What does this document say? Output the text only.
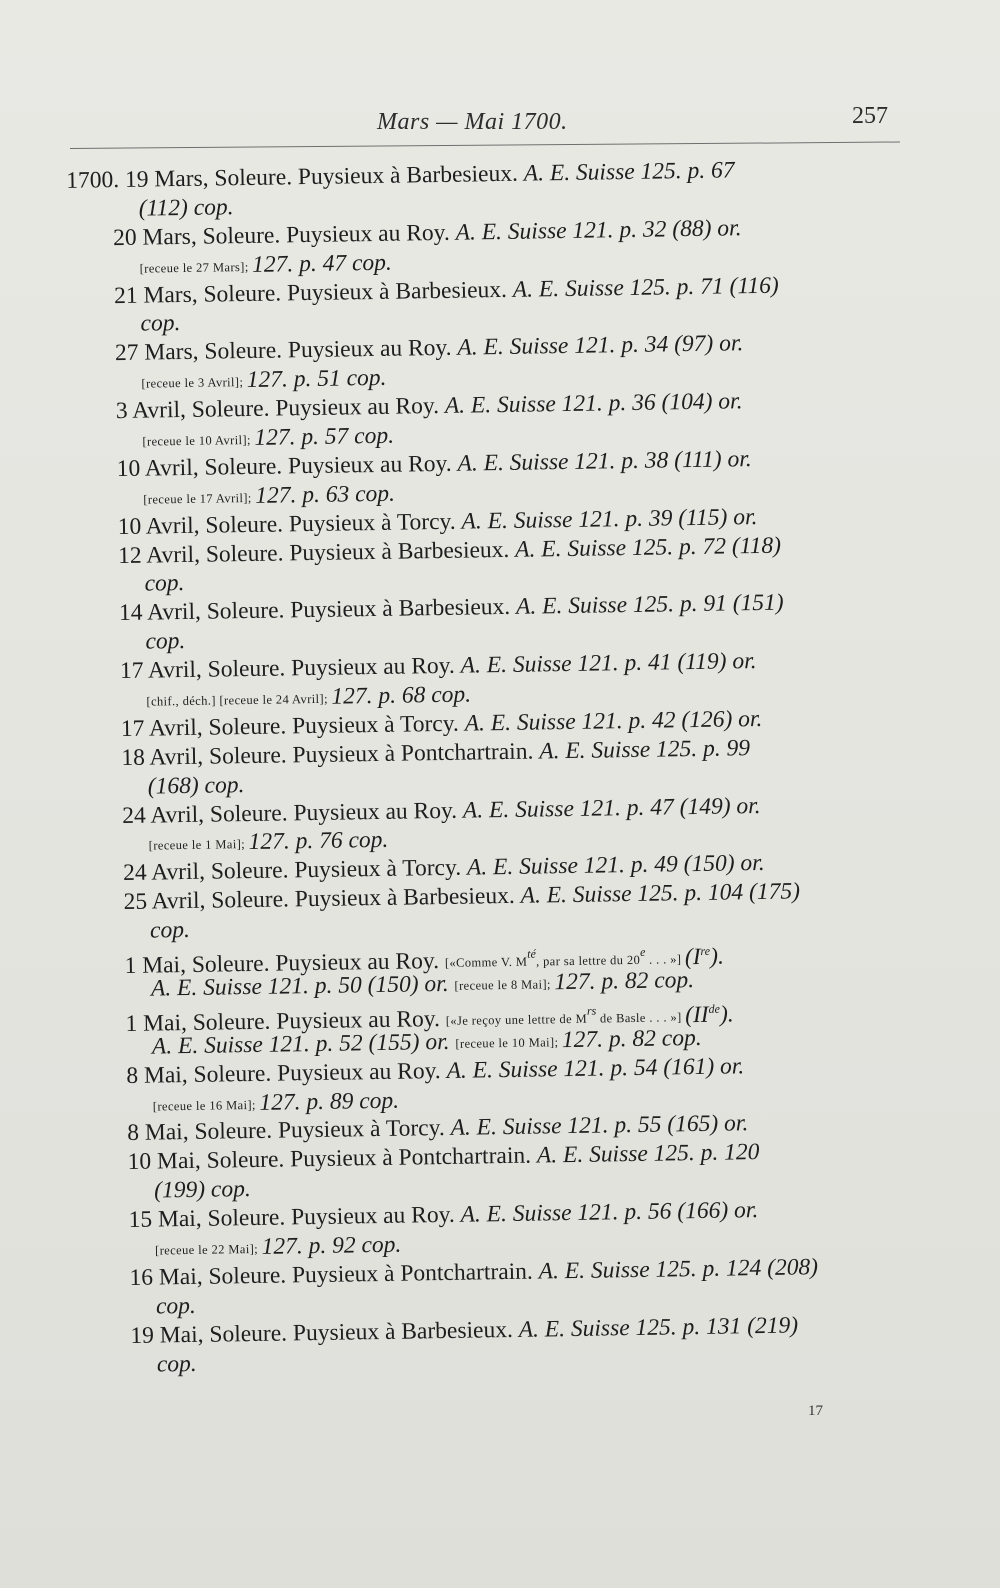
Mars — Mai 1700.	257
1700. 19 Mars, Soleure. Puysieux à Barbesieux. A. E. Suisse 125. p. 67
(112) cop.
20 Mars, Soleure. Puysieux au Roy. A. E. Suisse 121. p. 32 (88) or.
[receue le 27 Mars]; 127. p. 47 cop.
21 Mars, Soleure. Puysieux à Barbesieux. A. E. Suisse 125. p. 71 (116)
cop.
27 Mars, Soleure. Puysieux au Roy. A. E. Suisse 121. p. 34 (97) or.
[receue le 3 Avril]; 127. p. 51 cop.
3 Avril, Soleure. Puysieux au Roy. A. E. Suisse 121. p. 36 (104) or.
[receue le 10 Avril]; 127. p. 57 cop.
10 Avril, Soleure. Puysieux au Roy. A. E. Suisse 121. p. 38 (111) or.
[receue le 17 Avril]; 127. p. 63 cop.
10 Avril, Soleure. Puysieux à Torcy. A. E. Suisse 121. p. 39 (115) or.
12 Avril, Soleure. Puysieux à Barbesieux. A. E. Suisse 125. p. 72 (118)
cop.
14 Avril, Soleure. Puysieux à Barbesieux. A. E. Suisse 125. p. 91 (151)
cop.
17 Avril, Soleure. Puysieux au Roy. A. E. Suisse 121. p. 41 (119) or.
[chif., déch.] [receue le 24 Avril]; 127. p. 68 cop.
17 Avril, Soleure. Puysieux à Torcy. A. E. Suisse 121. p. 42 (126) or.
18 Avril, Soleure. Puysieux à Pontchartrain. A. E. Suisse 125. p. 99
(168) cop.
24 Avril, Soleure. Puysieux au Roy. A. E. Suisse 121. p. 47 (149) or.
[receue le 1 Mai]; 127. p. 76 cop.
24 Avril, Soleure. Puysieux à Torcy. A. E. Suisse 121. p. 49 (150) or.
25 Avril, Soleure. Puysieux à Barbesieux. A. E. Suisse 125. p. 104 (175)
cop.
1 Mai, Soleure. Puysieux au Roy. [«Comme V. $M^{té}$, par sa lettre du 20e . . . »] (Ire).
A. E. Suisse 121. p. 50 (150) or. [receue le 8 Mai]; 127. p. 82 cop.
1 Mai, Soleure. Puysieux au Roy. [«Je reçoy une lettre de $M^{rs}$ de Basle . . . »] (IIde).
A. E. Suisse 121. p. 52 (155) or. [receue le 10 Mai]; 127. p. 82 cop.
8 Mai, Soleure. Puysieux au Roy. A. E. Suisse 121. p. 54 (161) or.
[receue le 16 Mai]; 127. p. 89 cop.
8 Mai, Soleure. Puysieux à Torcy. A. E. Suisse 121. p. 55 (165) or.
10 Mai, Soleure. Puysieux à Pontchartrain. A. E. Suisse 125. p. 120
(199) cop.
15 Mai, Soleure. Puysieux au Roy. A. E. Suisse 121. p. 56 (166) or.
[receue le 22 Mai]; 127. p. 92 cop.
16 Mai, Soleure. Puysieux à Pontchartrain. A. E. Suisse 125. p. 124 (208)
cop.
19 Mai, Soleure. Puysieux à Barbesieux. A. E. Suisse 125. p. 131 (219)
cop.
17
